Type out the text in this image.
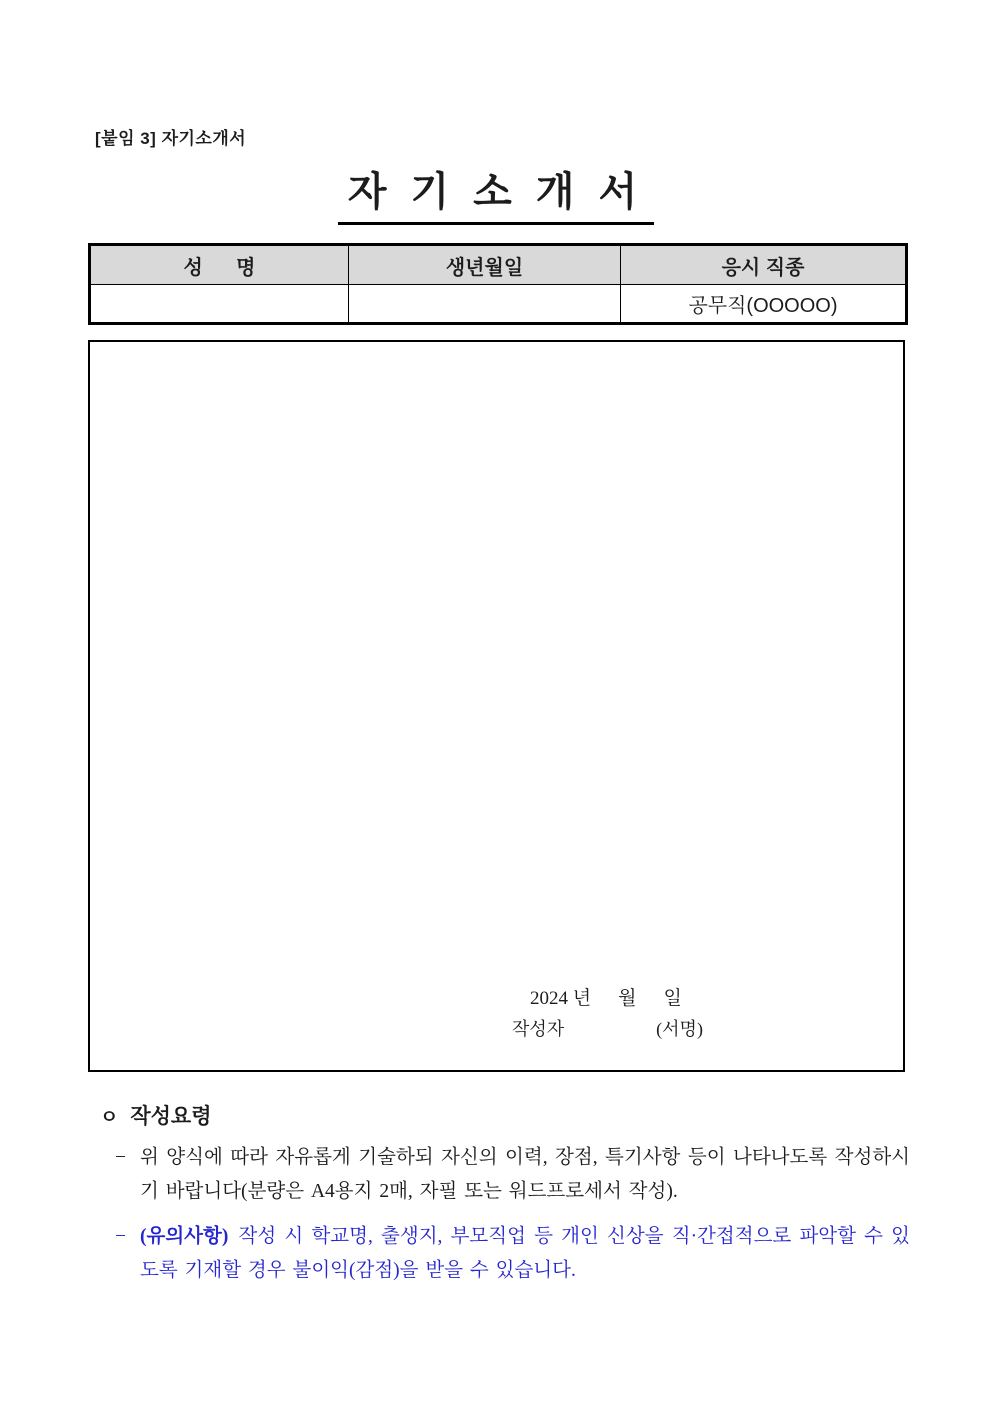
[붙임 3] 자기소개서
자 기 소 개 서
성      명	생년월일	응시 직종
		공무직(OOOOO)
2024 년 월 일
작성자	(서명)
ㅇ 작성요령
− 위 양식에 따라 자유롭게 기술하되 자신의 이력, 장점, 특기사항 등이 나타나도록 작성하시기 바랍니다(분량은 A4용지 2매, 자필 또는 워드프로세서 작성).
− (유의사항) 작성 시 학교명, 출생지, 부모직업 등 개인 신상을 직·간접적으로 파악할 수 있도록 기재할 경우 불이익(감점)을 받을 수 있습니다.
